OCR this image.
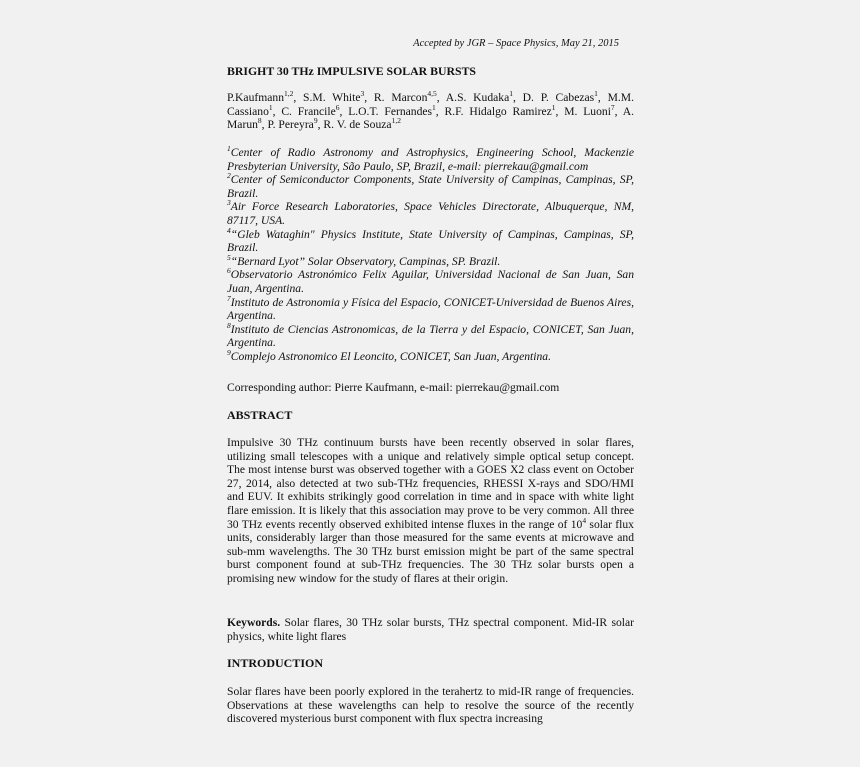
Accepted by JGR – Space Physics, May 21, 2015
BRIGHT 30 THz IMPULSIVE SOLAR BURSTS
P.Kaufmann$^{1,2}$, S.M. White$^3$, R. Marcon$^{4,5}$, A.S. Kudaka$^1$, D. P. Cabezas$^1$, M.M. Cassiano$^1$, C. Francile$^6$, L.O.T. Fernandes$^1$, R.F. Hidalgo Ramirez$^1$, M. Luoni$^7$, A. Marun$^8$, P. Pereyra$^9$, R. V. de Souza$^{1,2}$

$^1$Center of Radio Astronomy and Astrophysics, Engineering School, Mackenzie Presbyterian University, São Paulo, SP, Brazil, e-mail: pierrekau@gmail.com

$^2$Center of Semiconductor Components, State University of Campinas, Campinas, SP, Brazil.

$^3$Air Force Research Laboratories, Space Vehicles Directorate, Albuquerque, NM, 87117, USA.

$^4$“Gleb Wataghin" Physics Institute, State University of Campinas, Campinas, SP, Brazil.

$^5$“Bernard Lyot” Solar Observatory, Campinas, SP. Brazil.

$^6$Observatorio Astronómico Felix Aguilar, Universidad Nacional de San Juan, San Juan, Argentina.

$^7$Instituto de Astronomia y Física del Espacio, CONICET-Universidad de Buenos Aires, Argentina.

$^8$Instituto de Ciencias Astronomicas, de la Tierra y del Espacio, CONICET, San Juan, Argentina.

$^9$Complejo Astronomico El Leoncito, CONICET, San Juan, Argentina.

Corresponding author: Pierre Kaufmann, e-mail: pierrekau@gmail.com
ABSTRACT
Impulsive 30 THz continuum bursts have been recently observed in solar flares, utilizing small telescopes with a unique and relatively simple optical setup concept. The most intense burst was observed together with a GOES X2 class event on October 27, 2014, also detected at two sub-THz frequencies, RHESSI X-rays and SDO/HMI and EUV. It exhibits strikingly good correlation in time and in space with white light flare emission. It is likely that this association may prove to be very common. All three 30 THz events recently observed exhibited intense fluxes in the range of $10^4$ solar flux units, considerably larger than those measured for the same events at microwave and sub-mm wavelengths. The 30 THz burst emission might be part of the same spectral burst component found at sub-THz frequencies. The 30 THz solar bursts open a promising new window for the study of flares at their origin.
Keywords. Solar flares, 30 THz solar bursts, THz spectral component. Mid-IR solar physics, white light flares
INTRODUCTION
Solar flares have been poorly explored in the terahertz to mid-IR range of frequencies. Observations at these wavelengths can help to resolve the source of the recently discovered mysterious burst component with flux spectra increasing
